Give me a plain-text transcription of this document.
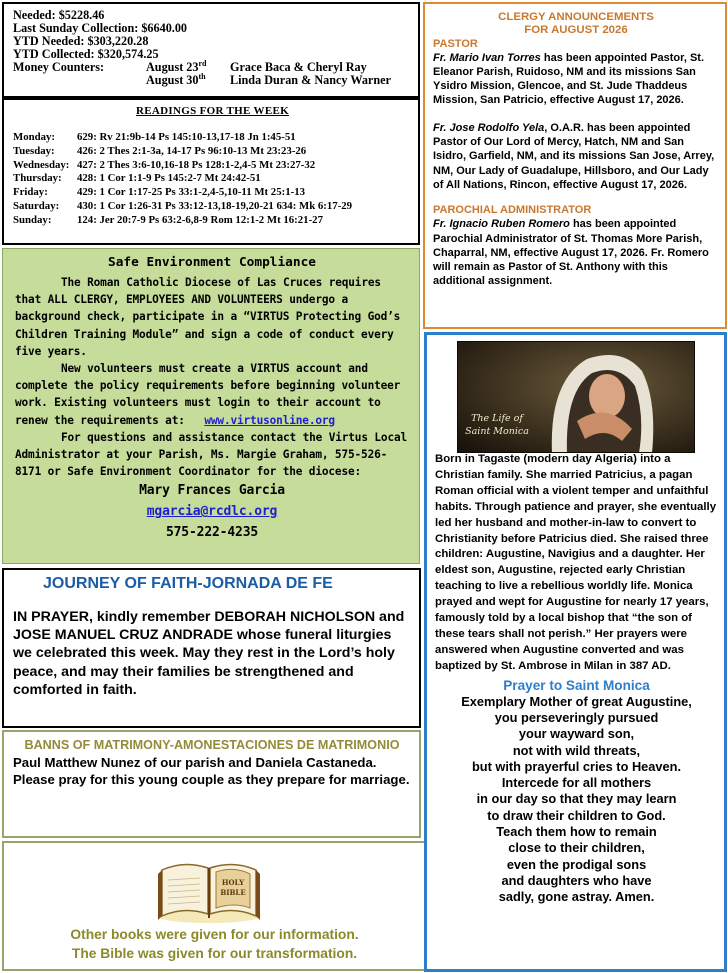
Needed: $5228.46
Last Sunday Collection: $6640.00
YTD Needed: $303,220.28
YTD Collected: $320,574.25
Money Counters:	August 23rd	Grace Baca & Cheryl Ray
August 30th	Linda Duran & Nancy Warner
READINGS FOR THE WEEK
Monday:	629: Rv 21:9b-14 Ps 145:10-13,17-18 Jn 1:45-51
Tuesday:	426: 2 Thes 2:1-3a, 14-17 Ps 96:10-13 Mt 23:23-26
Wednesday: 427: 2 Thes 3:6-10,16-18 Ps 128:1-2,4-5 Mt 23:27-32
Thursday:	428: 1 Cor 1:1-9 Ps 145:2-7 Mt 24:42-51
Friday:	429: 1 Cor 1:17-25 Ps 33:1-2,4-5,10-11 Mt 25:1-13
Saturday:	430: 1 Cor 1:26-31 Ps 33:12-13,18-19,20-21 634: Mk 6:17-29
Sunday:	124: Jer 20:7-9 Ps 63:2-6,8-9 Rom 12:1-2 Mt 16:21-27
Safe Environment Compliance

The Roman Catholic Diocese of Las Cruces requires that ALL CLERGY, EMPLOYEES AND VOLUNTEERS undergo a background check, participate in a “VIRTUS Protecting God’s Children Training Module” and sign a code of conduct every five years.

New volunteers must create a VIRTUS account and complete the policy requirements before beginning volunteer work. Existing volunteers must login to their account to renew the requirements at: www.virtusonline.org

For questions and assistance contact the Virtus Local Administrator at your Parish, Ms. Margie Graham, 575-526-8171 or Safe Environment Coordinator for the diocese:

Mary Frances Garcia

mgarcia@rcdlc.org

575-222-4235

JOURNEY OF FAITH-JORNADA DE FE

IN PRAYER, kindly remember DEBORAH NICHOLSON and JOSE MANUEL CRUZ ANDRADE whose funeral liturgies we celebrated this week. May they rest in the Lord’s holy peace, and may their families be strengthened and comforted in faith.

BANNS OF MATRIMONY-AMONESTACIONES DE MATRIMONIO

Paul Matthew Nunez of our parish and Daniela Castaneda.

Please pray for this young couple as they prepare for marriage.

HOLY
BIBLE
Other books were given for our information.
The Bible was given for our transformation.
CLERGY ANNOUNCEMENTS
FOR AUGUST 2026
PASTOR

Fr. Mario Ivan Torres has been appointed Pastor, St. Eleanor Parish, Ruidoso, NM and its missions San Ysidro Mission, Glencoe, and St. Jude Thaddeus Mission, San Patricio, effective August 17, 2026.

Fr. Jose Rodolfo Yela, O.A.R. has been appointed Pastor of Our Lord of Mercy, Hatch, NM and San Isidro, Garfield, NM, and its missions San Jose, Arrey, NM, Our Lady of Guadalupe, Hillsboro, and Our Lady of All Nations, Rincon, effective August 17, 2026.

PAROCHIAL ADMINISTRATOR

Fr. Ignacio Ruben Romero has been appointed Parochial Administrator of St. Thomas More Parish, Chaparral, NM, effective August 17, 2026. Fr. Romero will remain as Pastor of St. Anthony with this additional assignment.

The Life of
Saint Monica

Born in Tagaste (modern day Algeria) into a Christian family. She married Patricius, a pagan Roman official with a violent temper and unfaithful habits. Through patience and prayer, she eventually led her husband and mother-in-law to convert to Christianity before Patricius died. She raised three children: Augustine, Navigius and a daughter. Her eldest son, Augustine, rejected early Christian teaching to live a rebellious worldly life. Monica prayed and wept for Augustine for nearly 17 years, famously told by a local bishop that “the son of these tears shall not perish.” Her prayers were answered when Augustine converted and was baptized by St. Ambrose in Milan in 387 AD.

Prayer to Saint Monica
Exemplary Mother of great Augustine,
you perseveringly pursued
your wayward son,
not with wild threats,
but with prayerful cries to Heaven.
Intercede for all mothers
in our day so that they may learn
to draw their children to God.
Teach them how to remain
close to their children,
even the prodigal sons
and daughters who have
sadly, gone astray. Amen.
